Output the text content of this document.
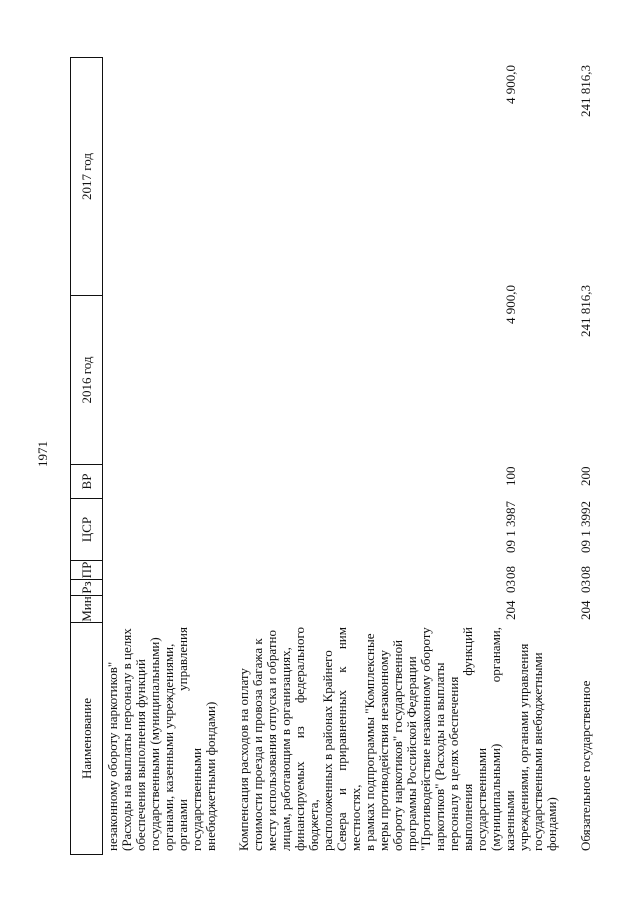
1971
Наименование
Мин
Рз
ПР
ЦСР
ВР
2016 год
2017 год
незаконному обороту наркотиков" (Расходы на выплаты персоналу в целях обеспечения выполнения функций государственными (муниципальными) органами, казенными учреждениями, органами управления государственными внебюджетными фондами) Компенсация расходов на оплату стоимости проезда и провоза багажа к месту использования отпуска и обратно лицам, работающим в организациях, финансируемых из федерального бюджета, расположенных в районах Крайнего Севера и приравненных к ним местностях, в рамках подпрограммы "Комплексные меры противодействия незаконному обороту наркотиков" государственной программы Российской Федерации "Противодействие незаконному обороту наркотиков" (Расходы на выплаты персоналу в целях обеспечения выполнения функций государственными (муниципальными) органами, казенными учреждениями, органами управления государственными внебюджетными фондами)
204
03
08
09 1 3987
100
4 900,0
4 900,0
Обязательное государственное
204
03
08
09 1 3992
200
241 816,3
241 816,3
